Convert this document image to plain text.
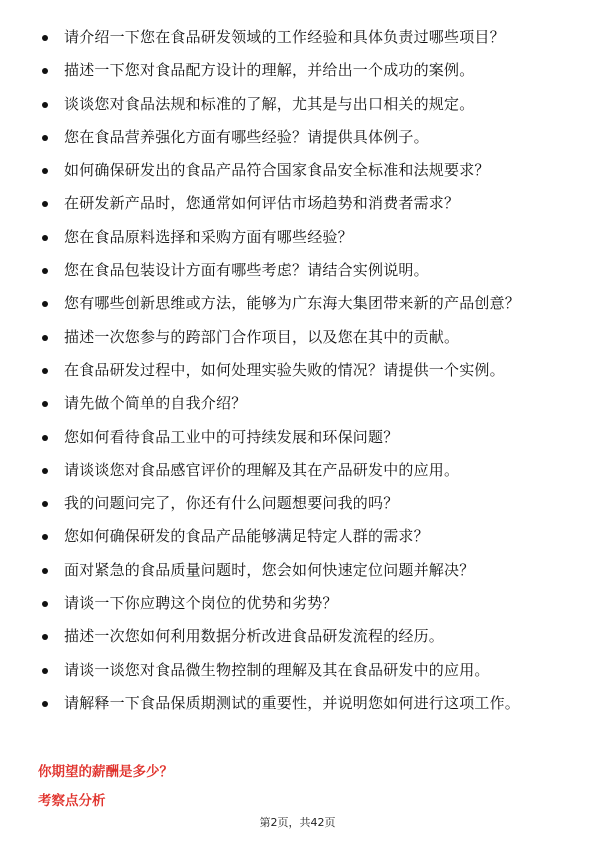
请介绍一下您在食品研发领域的工作经验和具体负责过哪些项目？
描述一下您对食品配方设计的理解，并给出一个成功的案例。
谈谈您对食品法规和标准的了解，尤其是与出口相关的规定。
您在食品营养强化方面有哪些经验？请提供具体例子。
如何确保研发出的食品产品符合国家食品安全标准和法规要求？
在研发新产品时，您通常如何评估市场趋势和消费者需求？
您在食品原料选择和采购方面有哪些经验？
您在食品包装设计方面有哪些考虑？请结合实例说明。
您有哪些创新思维或方法，能够为广东海大集团带来新的产品创意？
描述一次您参与的跨部门合作项目，以及您在其中的贡献。
在食品研发过程中，如何处理实验失败的情况？请提供一个实例。
请先做个简单的自我介绍？
您如何看待食品工业中的可持续发展和环保问题？
请谈谈您对食品感官评价的理解及其在产品研发中的应用。
我的问题问完了，你还有什么问题想要问我的吗？
您如何确保研发的食品产品能够满足特定人群的需求？
面对紧急的食品质量问题时，您会如何快速定位问题并解决？
请谈一下你应聘这个岗位的优势和劣势？
描述一次您如何利用数据分析改进食品研发流程的经历。
请谈一谈您对食品微生物控制的理解及其在食品研发中的应用。
请解释一下食品保质期测试的重要性，并说明您如何进行这项工作。
你期望的薪酬是多少？
考察点分析
第2页，共42页
